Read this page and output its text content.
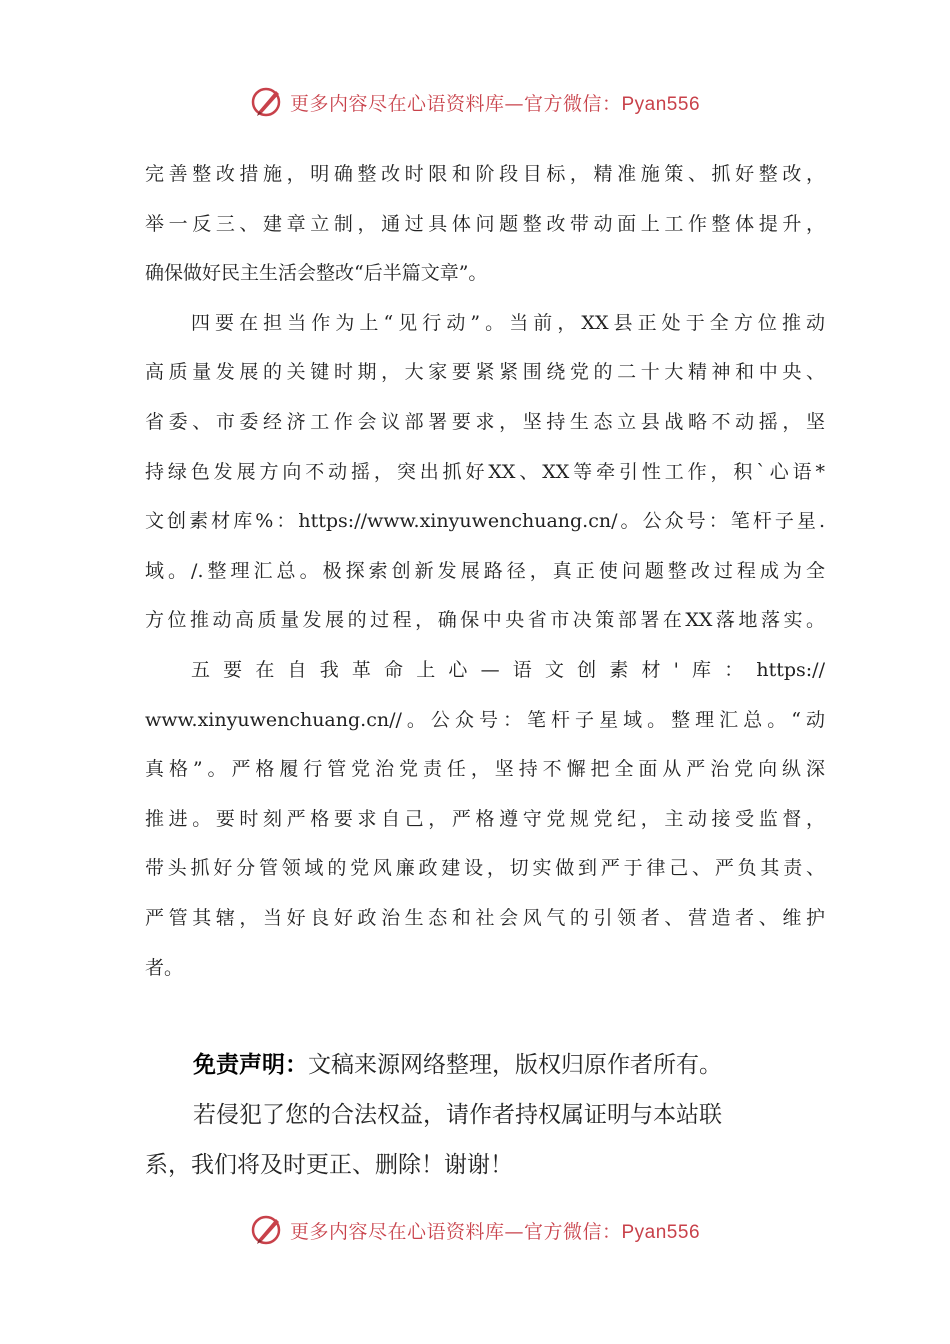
更多内容尽在心语资料库—官方微信：Pyan556
完善整改措施，明确整改时限和阶段目标，精准施策、抓好整改，
举一反三、建章立制，通过具体问题整改带动面上工作整体提升，
确保做好民主生活会整改“后半篇文章”。
四要在担当作为上“见行动”。当前，XX县正处于全方位推动
高质量发展的关键时期，大家要紧紧围绕党的二十大精神和中央、
省委、市委经济工作会议部署要求，坚持生态立县战略不动摇，坚
持绿色发展方向不动摇，突出抓好XX、XX等牵引性工作，积`心语*
文创素材库%：https://www.xinyuwenchuang.cn/。公众号：笔杆子星.
域。/.整理汇总。极探索创新发展路径，真正使问题整改过程成为全
方位推动高质量发展的过程，确保中央省市决策部署在XX落地落实。
五要在自我革命上心—语文创素材'库：https://
www.xinyuwenchuang.cn//。公众号：笔杆子星域。整理汇总。“动
真格”。严格履行管党治党责任，坚持不懈把全面从严治党向纵深
推进。要时刻严格要求自己，严格遵守党规党纪，主动接受监督，
带头抓好分管领域的党风廉政建设，切实做到严于律己、严负其责、
严管其辖，当好良好政治生态和社会风气的引领者、营造者、维护
者。
免责声明：文稿来源网络整理，版权归原作者所有。
若侵犯了您的合法权益，请作者持权属证明与本站联
系，我们将及时更正、删除！谢谢！
更多内容尽在心语资料库—官方微信：Pyan556
